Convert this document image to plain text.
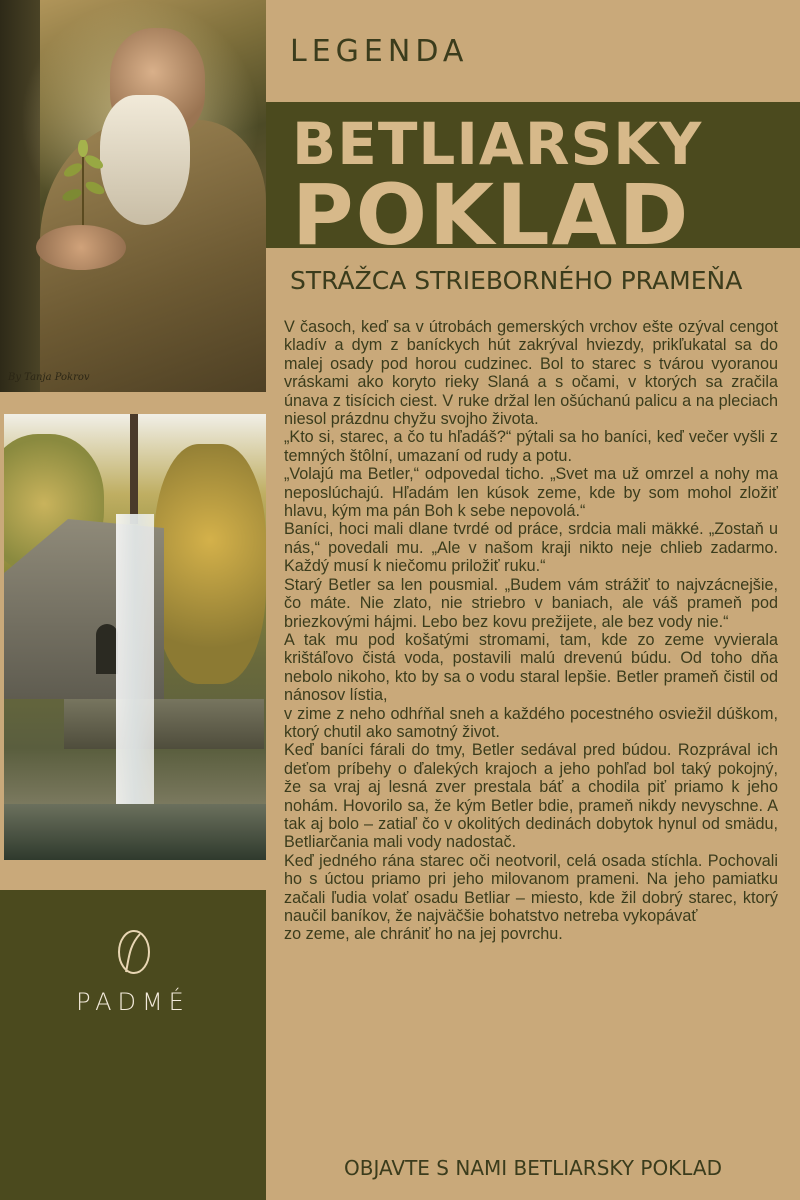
By Tanja Pokrov
PADMÉ
LEGENDA
BETLIARSKY
POKLAD
STRÁŽCA STRIEBORNÉHO PRAMEŇA

V časoch, keď sa v útrobách gemerských vrchov ešte ozýval cengot kladív a dym z baníckych hút zakrýval hviezdy, prikľukatal sa do malej osady pod horou cudzinec. Bol to starec s tvárou vyoranou vráskami ako koryto rieky Slaná a s očami, v ktorých sa zračila únava z tisícich ciest. V ruke držal len ošúchanú palicu a na pleciach niesol prázdnu chyžu svojho života.

„Kto si, starec, a čo tu hľadáš?“ pýtali sa ho baníci, keď večer vyšli z temných štôlní, umazaní od rudy a potu.

„Volajú ma Betler,“ odpovedal ticho. „Svet ma už omrzel a nohy ma neposlúchajú. Hľadám len kúsok zeme, kde by som mohol zložiť hlavu, kým ma pán Boh k sebe nepovolá.“

Baníci, hoci mali dlane tvrdé od práce, srdcia mali mäkké. „Zostaň u nás,“ povedali mu. „Ale v našom kraji nikto neje chlieb zadarmo. Každý musí k niečomu priložiť ruku.“

Starý Betler sa len pousmial. „Budem vám strážiť to najvzácnejšie, čo máte. Nie zlato, nie striebro v baniach, ale váš prameň pod briezkovými hájmi. Lebo bez kovu prežijete, ale bez vody nie.“

A tak mu pod košatými stromami, tam, kde zo zeme vyvierala krištáľovo čistá voda, postavili malú drevenú búdu. Od toho dňa nebolo nikoho, kto by sa o vodu staral lepšie. Betler prameň čistil od nánosov lístia,

v zime z neho odhŕňal sneh a každého pocestného osviežil dúškom, ktorý chutil ako samotný život.

Keď baníci fárali do tmy, Betler sedával pred búdou. Rozprával ich deťom príbehy o ďalekých krajoch a jeho pohľad bol taký pokojný, že sa vraj aj lesná zver prestala báť a chodila piť priamo k jeho nohám. Hovorilo sa, že kým Betler bdie, prameň nikdy nevyschne. A tak aj bolo – zatiaľ čo v okolitých dedinách dobytok hynul od smädu, Betliarčania mali vody nadostač.

Keď jedného rána starec oči neotvoril, celá osada stíchla. Pochovali ho s úctou priamo pri jeho milovanom prameni. Na jeho pamiatku začali ľudia volať osadu Betliar – miesto, kde žil dobrý starec, ktorý naučil baníkov, že najväčšie bohatstvo netreba vykopávať

zo zeme, ale chrániť ho na jej povrchu.

OBJAVTE S NAMI BETLIARSKY POKLAD
